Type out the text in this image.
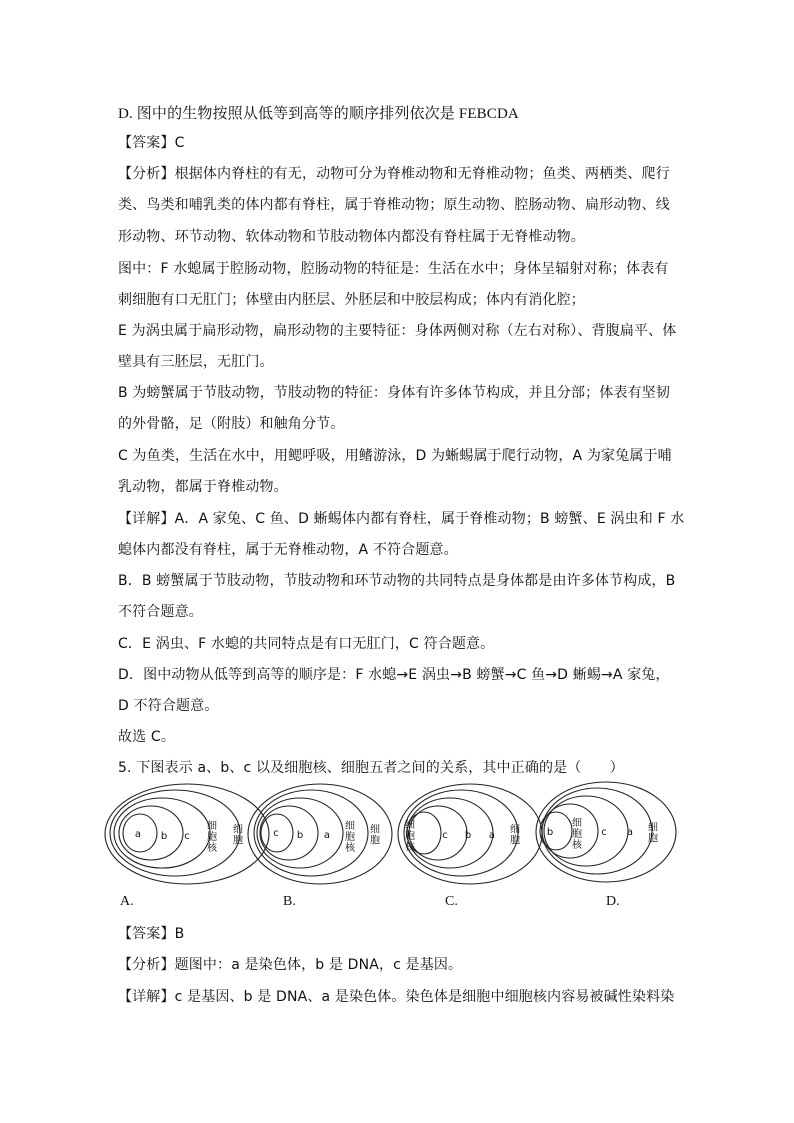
D. 图中的生物按照从低等到高等的顺序排列依次是 FEBCDA
【答案】C
【分析】根据体内脊柱的有无，动物可分为脊椎动物和无脊椎动物；鱼类、两栖类、爬行
类、鸟类和哺乳类的体内都有脊柱，属于脊椎动物；原生动物、腔肠动物、扁形动物、线
形动物、环节动物、软体动物和节肢动物体内都没有脊柱属于无脊椎动物。
图中：F 水螅属于腔肠动物，腔肠动物的特征是：生活在水中；身体呈辐射对称；体表有
刺细胞有口无肛门；体壁由内胚层、外胚层和中胶层构成；体内有消化腔；
E 为涡虫属于扁形动物，扁形动物的主要特征：身体两侧对称（左右对称）、背腹扁平、体
壁具有三胚层，无肛门。
B 为螃蟹属于节肢动物，节肢动物的特征：身体有许多体节构成，并且分部；体表有坚韧
的外骨骼，足（附肢）和触角分节。
C 为鱼类，生活在水中，用鳃呼吸，用鳍游泳，D 为蜥蜴属于爬行动物，A 为家兔属于哺
乳动物，都属于脊椎动物。
【详解】A．A 家兔、C 鱼、D 蜥蜴体内都有脊柱，属于脊椎动物；B 螃蟹、E 涡虫和 F 水
螅体内都没有脊柱，属于无脊椎动物，A 不符合题意。
B．B 螃蟹属于节肢动物，节肢动物和环节动物的共同特点是身体都是由许多体节构成，B
不符合题意。
C．E 涡虫、F 水螅的共同特点是有口无肛门，C 符合题意。
D．图中动物从低等到高等的顺序是：F 水螅→E 涡虫→B 螃蟹→C 鱼→D 蜥蜴→A 家兔，
D 不符合题意。
故选 C。
5. 下图表示 a、b、c 以及细胞核、细胞五者之间的关系，其中正确的是（　　）
a b c
细胞核
细胞
c b a
细胞核
细胞
细胞核
c b a 细胞
b
细胞核
c a 细胞
A.	B.	C.	D.
【答案】B
【分析】题图中：a 是染色体，b 是 DNA，c 是基因。
【详解】c 是基因、b 是 DNA、a 是染色体。染色体是细胞中细胞核内容易被碱性染料染
